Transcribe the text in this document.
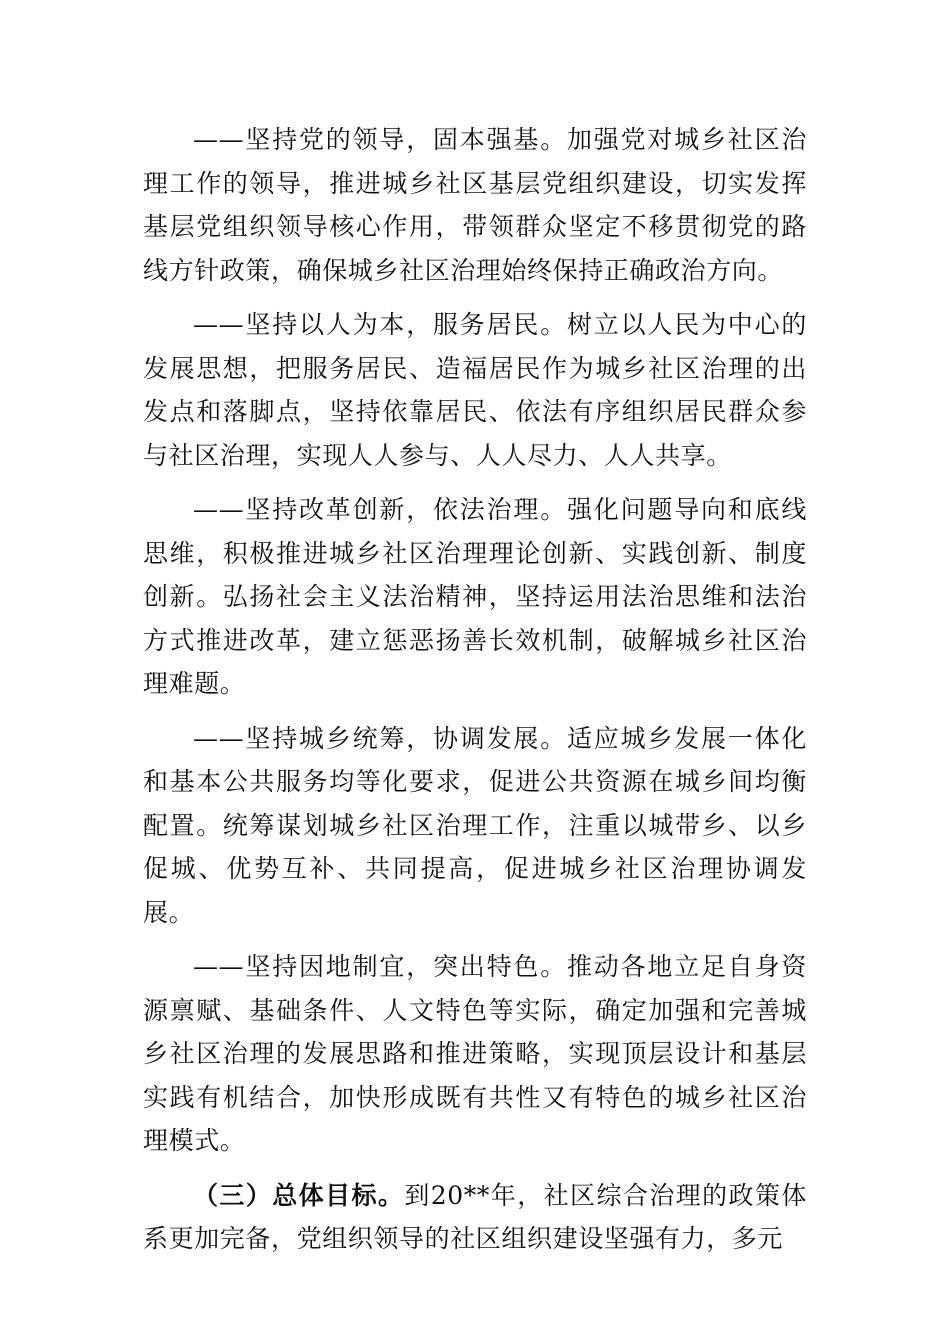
——坚持党的领导，固本强基。加强党对城乡社区治理工作的领导，推进城乡社区基层党组织建设，切实发挥基层党组织领导核心作用，带领群众坚定不移贯彻党的路线方针政策，确保城乡社区治理始终保持正确政治方向。

——坚持以人为本，服务居民。树立以人民为中心的发展思想，把服务居民、造福居民作为城乡社区治理的出发点和落脚点，坚持依靠居民、依法有序组织居民群众参与社区治理，实现人人参与、人人尽力、人人共享。

——坚持改革创新，依法治理。强化问题导向和底线思维，积极推进城乡社区治理理论创新、实践创新、制度创新。弘扬社会主义法治精神，坚持运用法治思维和法治方式推进改革，建立惩恶扬善长效机制，破解城乡社区治理难题。

——坚持城乡统筹，协调发展。适应城乡发展一体化和基本公共服务均等化要求，促进公共资源在城乡间均衡配置。统筹谋划城乡社区治理工作，注重以城带乡、以乡促城、优势互补、共同提高，促进城乡社区治理协调发展。

——坚持因地制宜，突出特色。推动各地立足自身资源禀赋、基础条件、人文特色等实际，确定加强和完善城乡社区治理的发展思路和推进策略，实现顶层设计和基层实践有机结合，加快形成既有共性又有特色的城乡社区治理模式。

（三）总体目标。到20**年，社区综合治理的政策体系更加完备，党组织领导的社区组织建设坚强有力，多元
